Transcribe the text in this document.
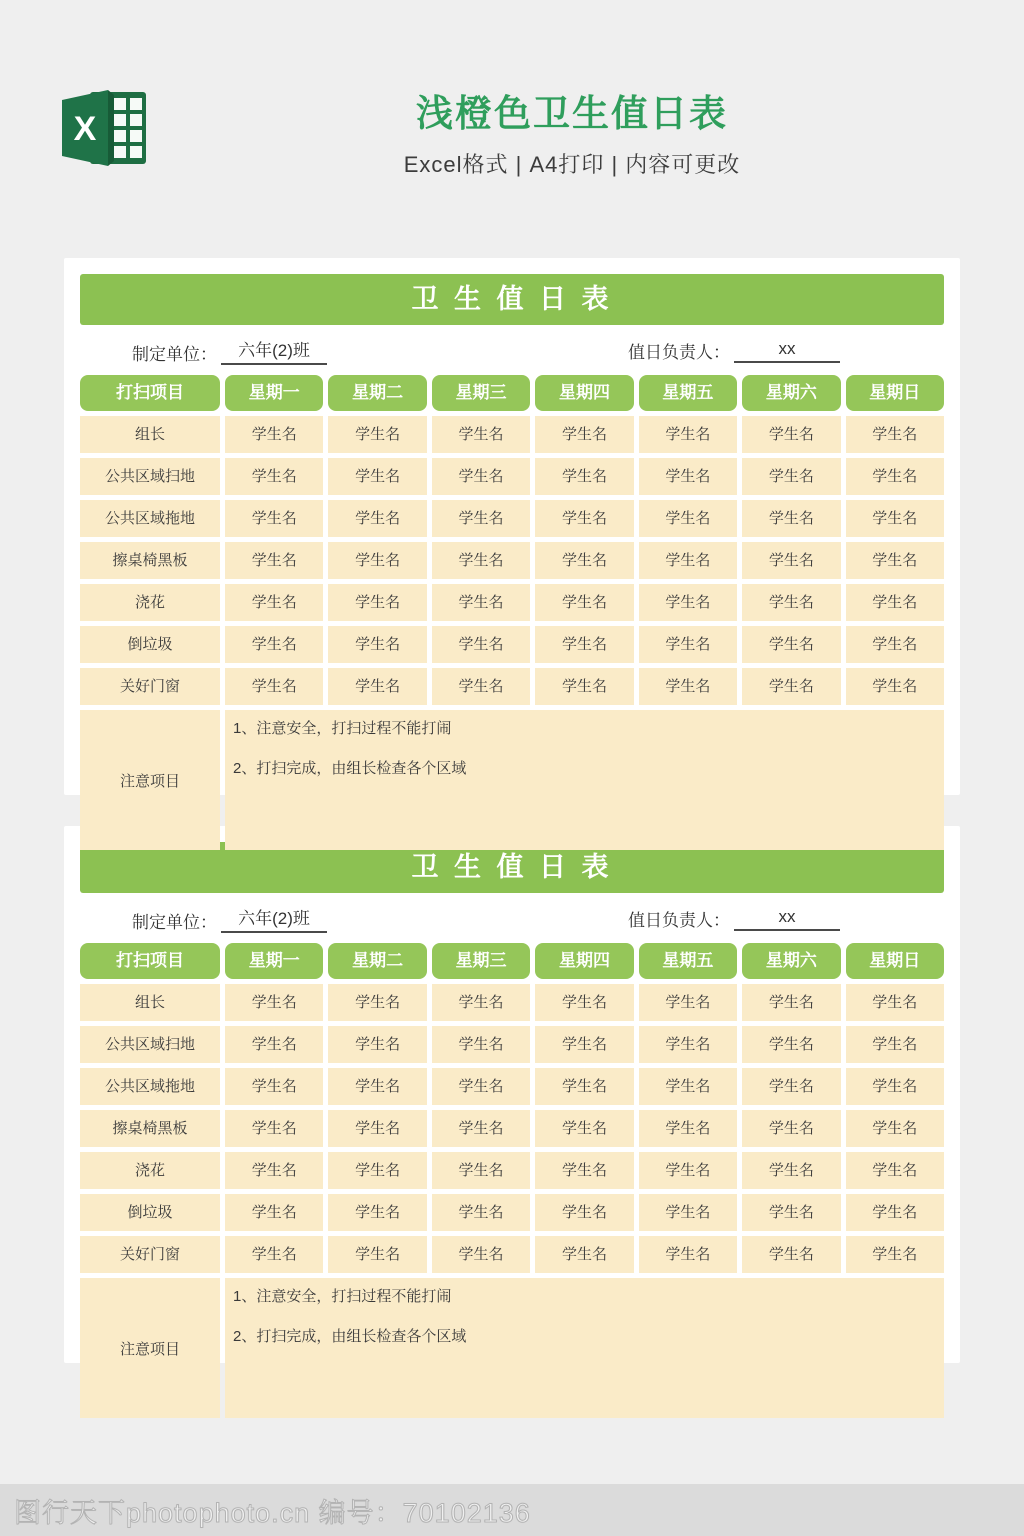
X	浅橙色卫生值日表
Excel格式 | A4打印 | 内容可更改
卫 生 值 日 表
制定单位：	六年(2)班	值日负责人：	xx
打扫项目	星期一	星期二	星期三	星期四	星期五	星期六	星期日
组长	学生名	学生名	学生名	学生名	学生名	学生名	学生名
公共区域扫地	学生名	学生名	学生名	学生名	学生名	学生名	学生名
公共区域拖地	学生名	学生名	学生名	学生名	学生名	学生名	学生名
擦桌椅黑板	学生名	学生名	学生名	学生名	学生名	学生名	学生名
浇花	学生名	学生名	学生名	学生名	学生名	学生名	学生名
倒垃圾	学生名	学生名	学生名	学生名	学生名	学生名	学生名
关好门窗	学生名	学生名	学生名	学生名	学生名	学生名	学生名
注意项目
1、注意安全，打扫过程不能打闹
2、打扫完成，由组长检查各个区域
卫 生 值 日 表
制定单位：	六年(2)班	值日负责人：	xx
打扫项目	星期一	星期二	星期三	星期四	星期五	星期六	星期日
组长	学生名	学生名	学生名	学生名	学生名	学生名	学生名
公共区域扫地	学生名	学生名	学生名	学生名	学生名	学生名	学生名
公共区域拖地	学生名	学生名	学生名	学生名	学生名	学生名	学生名
擦桌椅黑板	学生名	学生名	学生名	学生名	学生名	学生名	学生名
浇花	学生名	学生名	学生名	学生名	学生名	学生名	学生名
倒垃圾	学生名	学生名	学生名	学生名	学生名	学生名	学生名
关好门窗	学生名	学生名	学生名	学生名	学生名	学生名	学生名
注意项目
1、注意安全，打扫过程不能打闹
2、打扫完成，由组长检查各个区域
图行天下photophoto.cn 编号：70102136
